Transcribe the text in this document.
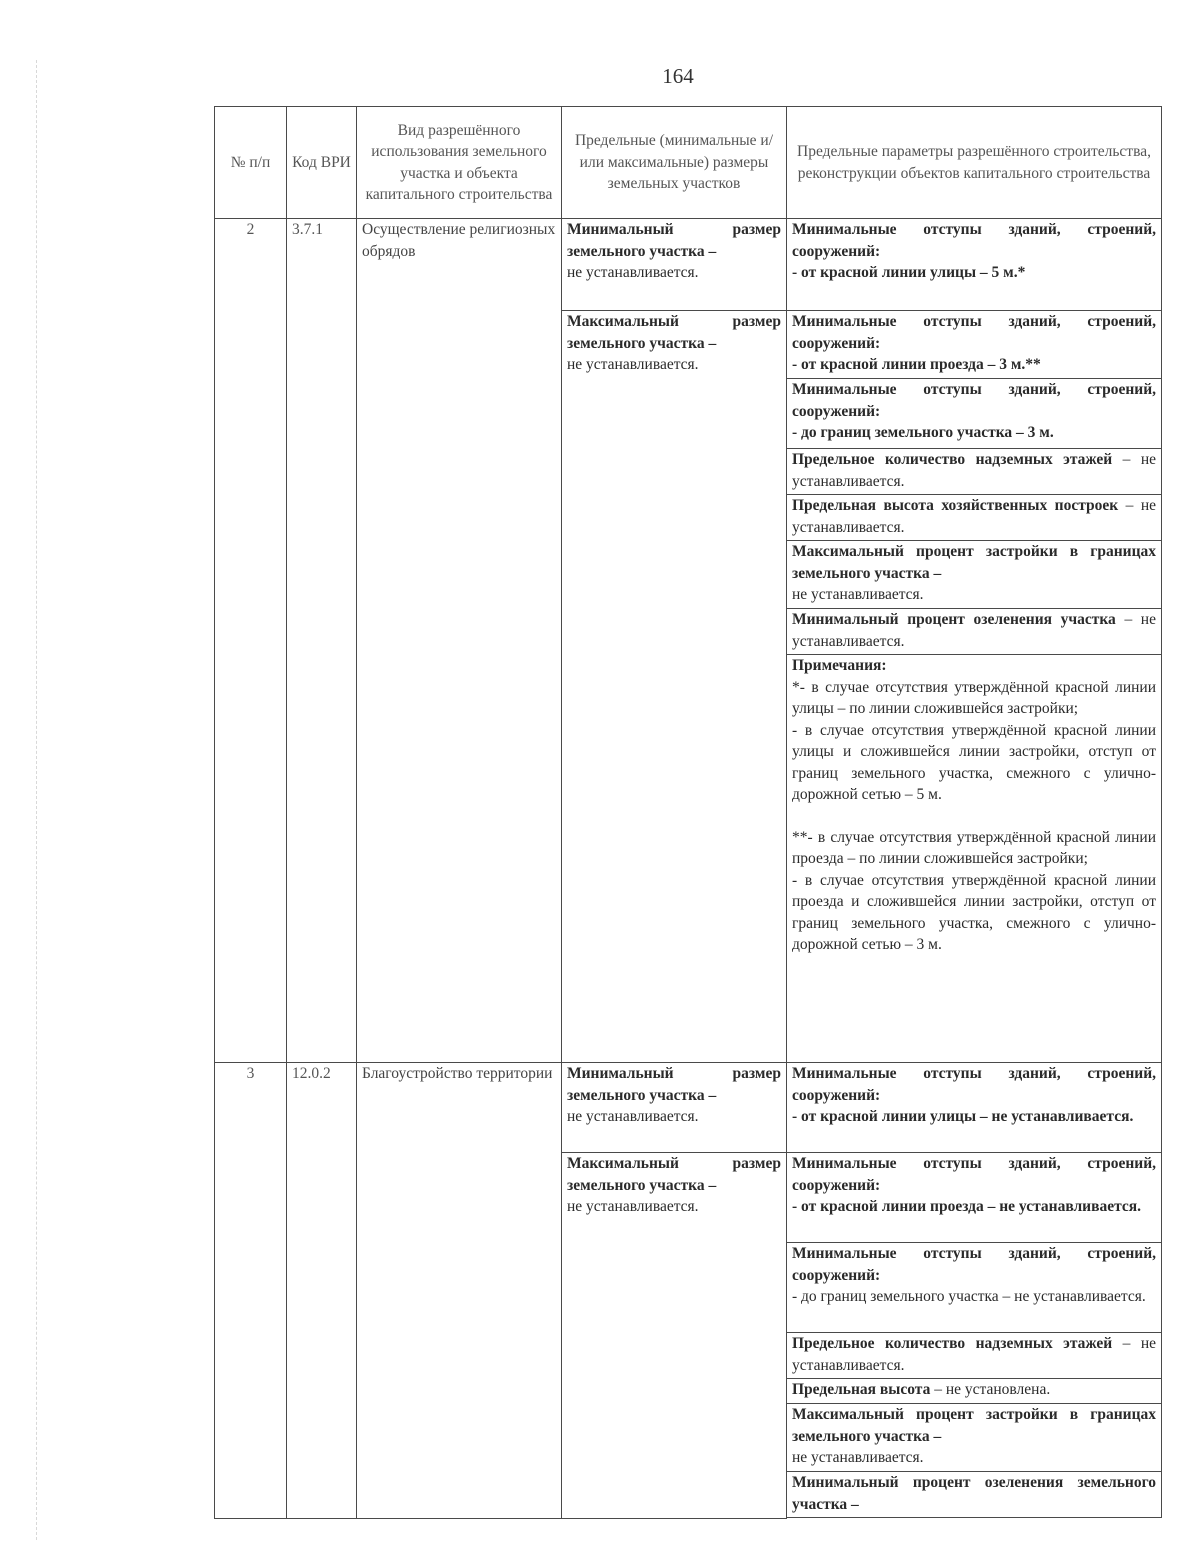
164
№ п/п	Код ВРИ	Вид разрешённого использования земельного участка и объекта капитального строительства	Предельные (минимальные и/или максимальные) размеры земельных участков	Предельные параметры разрешённого строительства, реконструкции объектов капитального строительства
2	3.7.1	Осуществление религиозных обрядов	Минимальный размер земельного участка –
не устанавливается.	Минимальные отступы зданий, строений, сооружений:
- от красной линии улицы – 5 м.*

			Максимальный размер земельного участка –
не устанавливается.	Минимальные отступы зданий, строений, сооружений:
- от красной линии проезда – 3 м.**

				Минимальные отступы зданий, строений, сооружений:
- до границ земельного участка – 3 м.

				Предельное количество надземных этажей – не устанавливается.
				Предельная высота хозяйственных построек – не устанавливается.
				Максимальный процент застройки в границах земельного участка –
не устанавливается.

				Минимальный процент озеленения участка – не устанавливается.

				Примечания:
*- в случае отсутствия утверждённой красной линии улицы – по линии сложившейся застройки;
- в случае отсутствия утверждённой красной линии улицы и сложившейся линии застройки, отступ от границ земельного участка, смежного с улично-дорожной сетью – 5 м.
**- в случае отсутствия утверждённой красной линии проезда – по линии сложившейся застройки;
- в случае отсутствия утверждённой красной линии проезда и сложившейся линии застройки, отступ от границ земельного участка, смежного с улично-дорожной сетью – 3 м.

3	12.0.2	Благоустройство территории	Минимальный размер земельного участка –
не устанавливается.	Минимальные отступы зданий, строений, сооружений:
- от красной линии улицы – не устанавливается.

			Максимальный размер земельного участка –
не устанавливается.	Минимальные отступы зданий, строений, сооружений:
- от красной линии проезда – не устанавливается.

				Минимальные отступы зданий, строений, сооружений:
- до границ земельного участка – не устанавливается.

				Предельное количество надземных этажей – не устанавливается.
				Предельная высота – не установлена.
				Максимальный процент застройки в границах земельного участка –
не устанавливается.

				Минимальный процент озеленения земельного участка –
